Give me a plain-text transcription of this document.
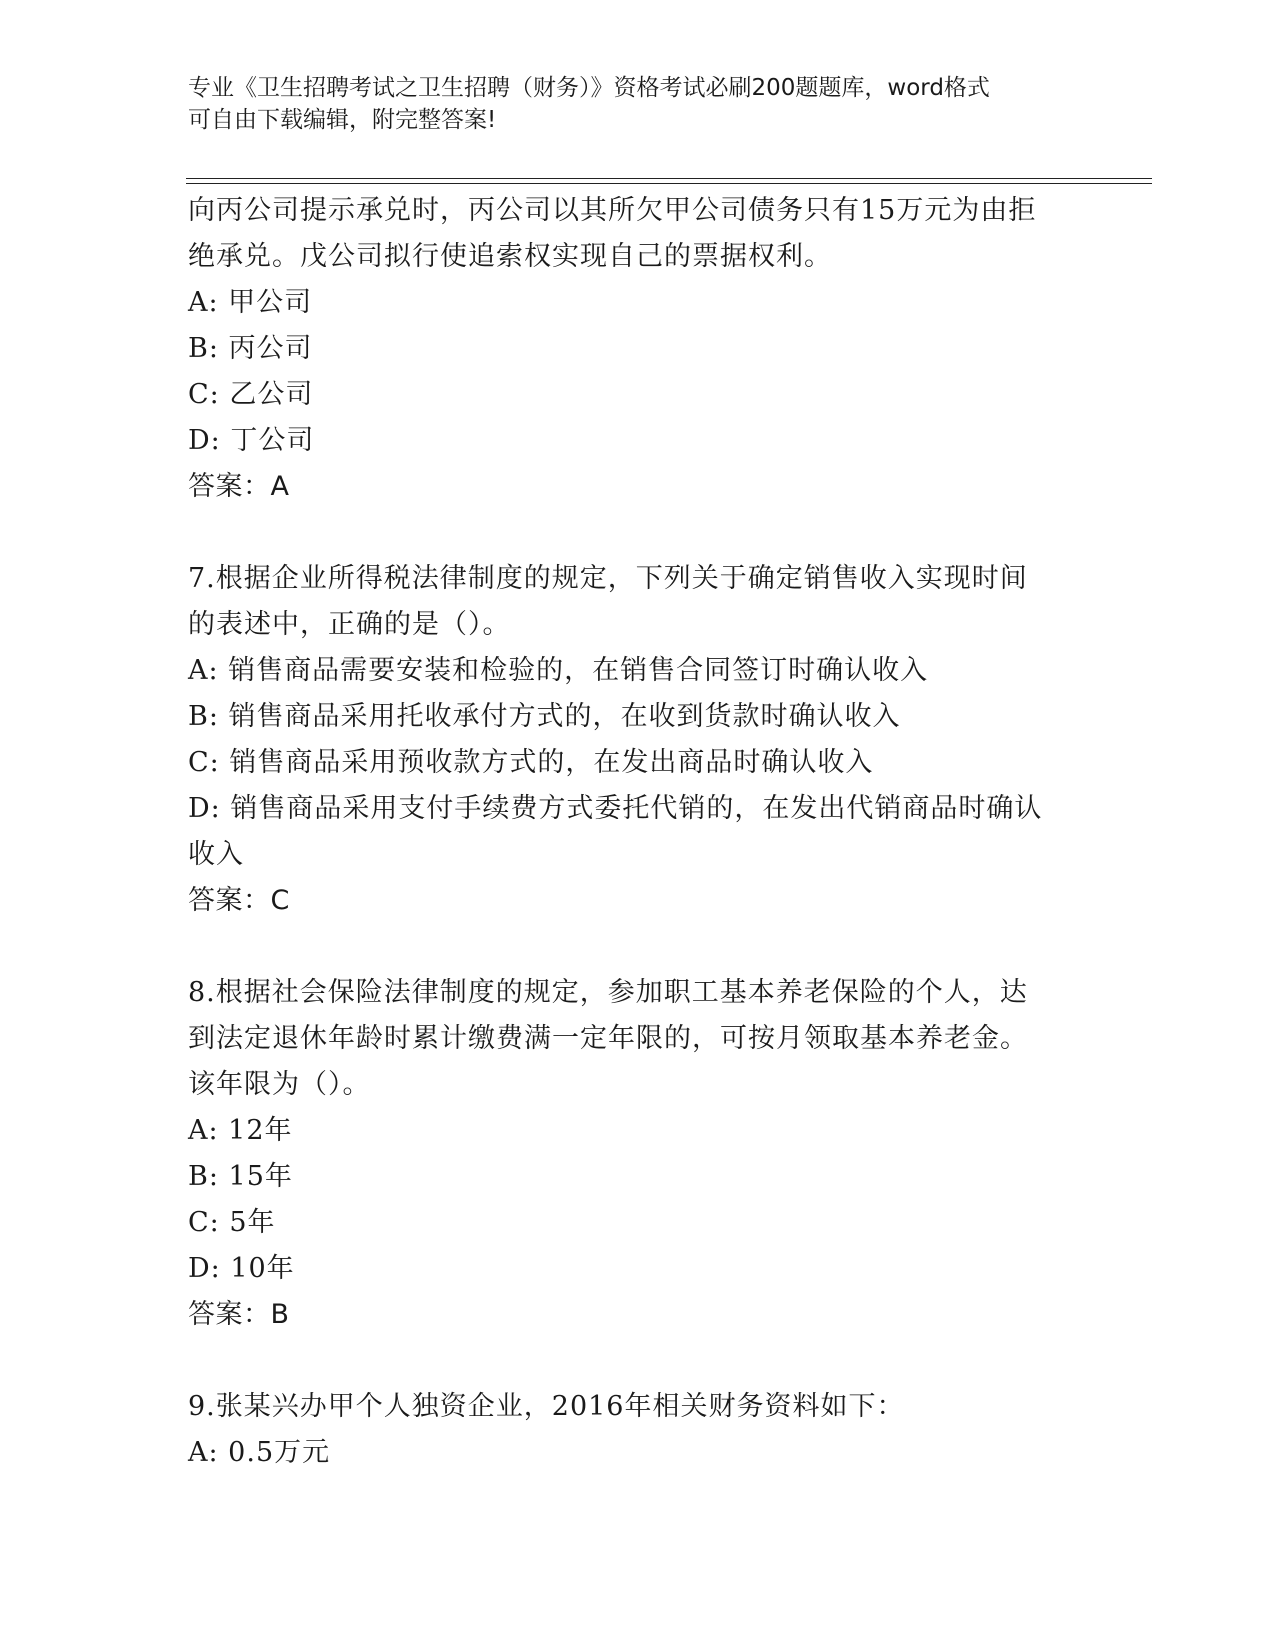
专业《卫生招聘考试之卫生招聘（财务）》资格考试必刷200题题库，word格式
可自由下载编辑，附完整答案!
向丙公司提示承兑时，丙公司以其所欠甲公司债务只有15万元为由拒
绝承兑。戊公司拟行使追索权实现自己的票据权利。
A: 甲公司
B: 丙公司
C: 乙公司
D: 丁公司
答案：A
7.根据企业所得税法律制度的规定，下列关于确定销售收入实现时间
的表述中，正确的是（）。
A: 销售商品需要安装和检验的，在销售合同签订时确认收入
B: 销售商品采用托收承付方式的，在收到货款时确认收入
C: 销售商品采用预收款方式的，在发出商品时确认收入
D: 销售商品采用支付手续费方式委托代销的，在发出代销商品时确认
收入
答案：C
8.根据社会保险法律制度的规定，参加职工基本养老保险的个人，达
到法定退休年龄时累计缴费满一定年限的，可按月领取基本养老金。
该年限为（）。
A: 12年
B: 15年
C: 5年
D: 10年
答案：B
9.张某兴办甲个人独资企业，2016年相关财务资料如下：
A: 0.5万元
